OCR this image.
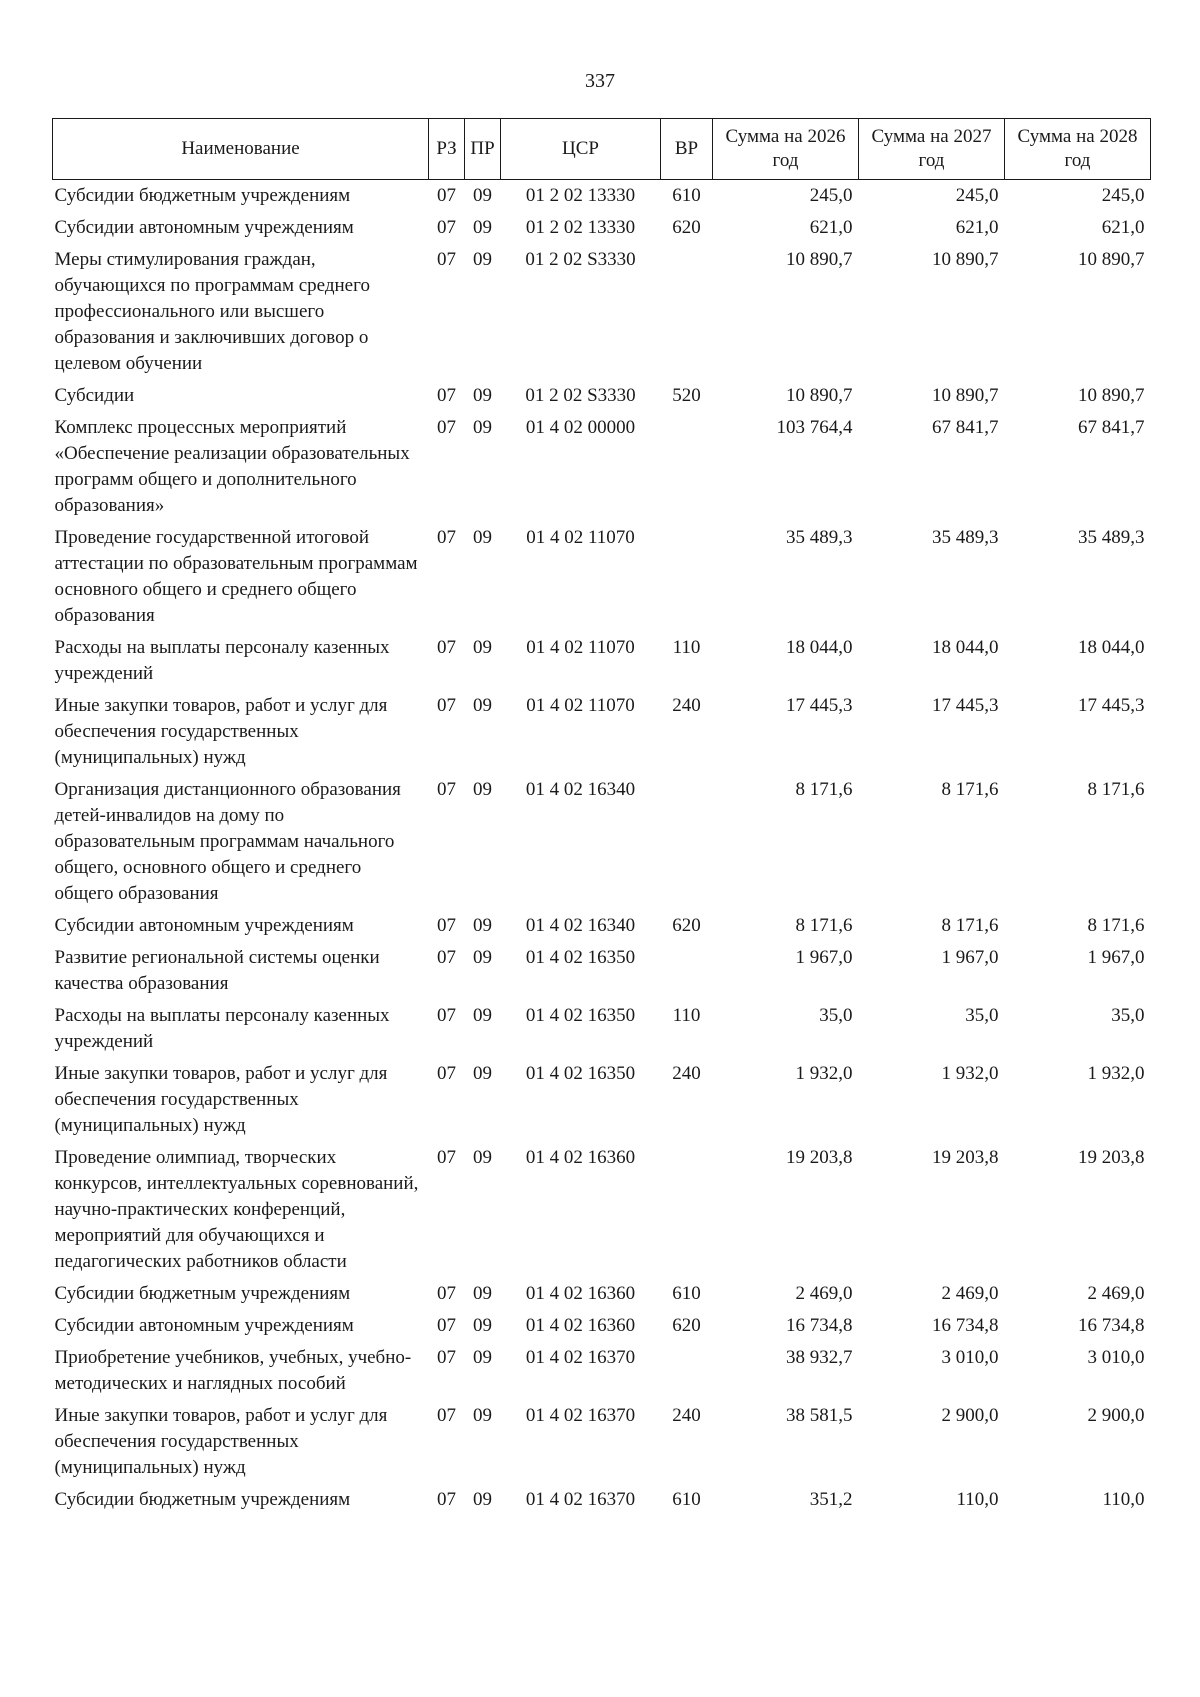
337
Наименование	РЗ	ПР	ЦСР	ВР	Сумма на 2026 год	Сумма на 2027 год	Сумма на 2028 год
Субсидии бюджетным учреждениям	07	09	01 2 02 13330	610	245,0	245,0	245,0
Субсидии автономным учреждениям	07	09	01 2 02 13330	620	621,0	621,0	621,0
Меры стимулирования граждан, обучающихся по программам среднего профессионального или высшего образования и заключивших договор о целевом обучении	07	09	01 2 02 S3330		10 890,7	10 890,7	10 890,7
Субсидии	07	09	01 2 02 S3330	520	10 890,7	10 890,7	10 890,7
Комплекс процессных мероприятий «Обеспечение реализации образовательных программ общего и дополнительного образования»	07	09	01 4 02 00000		103 764,4	67 841,7	67 841,7
Проведение государственной итоговой аттестации по образовательным программам основного общего и среднего общего образования	07	09	01 4 02 11070		35 489,3	35 489,3	35 489,3
Расходы на выплаты персоналу казенных учреждений	07	09	01 4 02 11070	110	18 044,0	18 044,0	18 044,0
Иные закупки товаров, работ и услуг для обеспечения государственных (муниципальных) нужд	07	09	01 4 02 11070	240	17 445,3	17 445,3	17 445,3
Организация дистанционного образования детей-инвалидов на дому по образовательным программам начального общего, основного общего и среднего общего образования	07	09	01 4 02 16340		8 171,6	8 171,6	8 171,6
Субсидии автономным учреждениям	07	09	01 4 02 16340	620	8 171,6	8 171,6	8 171,6
Развитие региональной системы оценки качества образования	07	09	01 4 02 16350		1 967,0	1 967,0	1 967,0
Расходы на выплаты персоналу казенных учреждений	07	09	01 4 02 16350	110	35,0	35,0	35,0
Иные закупки товаров, работ и услуг для обеспечения государственных (муниципальных) нужд	07	09	01 4 02 16350	240	1 932,0	1 932,0	1 932,0
Проведение олимпиад, творческих конкурсов, интеллектуальных соревнований, научно-практических конференций, мероприятий для обучающихся и педагогических работников области	07	09	01 4 02 16360		19 203,8	19 203,8	19 203,8
Субсидии бюджетным учреждениям	07	09	01 4 02 16360	610	2 469,0	2 469,0	2 469,0
Субсидии автономным учреждениям	07	09	01 4 02 16360	620	16 734,8	16 734,8	16 734,8
Приобретение учебников, учебных, учебно-методических и наглядных пособий	07	09	01 4 02 16370		38 932,7	3 010,0	3 010,0
Иные закупки товаров, работ и услуг для обеспечения государственных (муниципальных) нужд	07	09	01 4 02 16370	240	38 581,5	2 900,0	2 900,0
Субсидии бюджетным учреждениям	07	09	01 4 02 16370	610	351,2	110,0	110,0
